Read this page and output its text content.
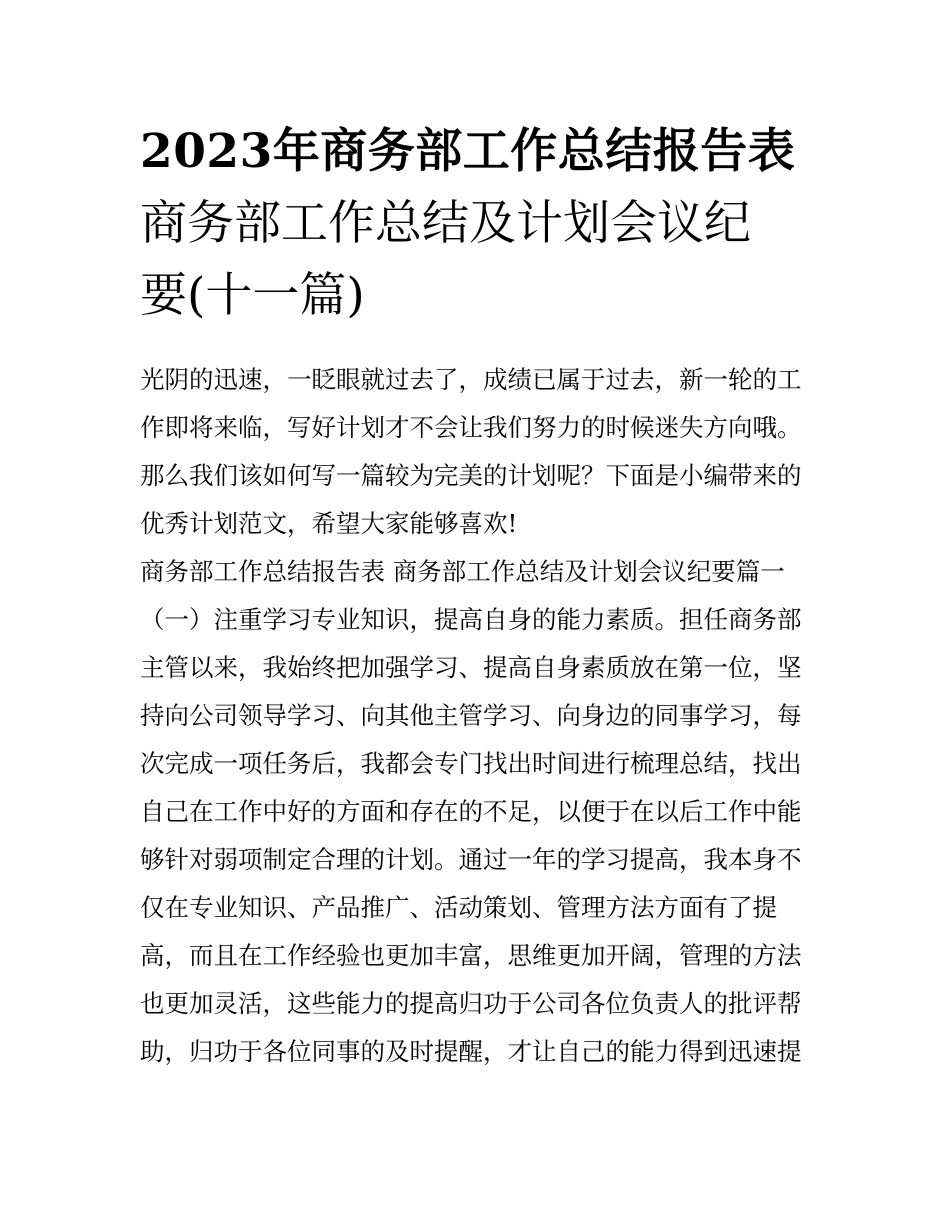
2023年商务部工作总结报告表
商务部工作总结及计划会议纪
要(十一篇)
光阴的迅速，一眨眼就过去了，成绩已属于过去，新一轮的工
作即将来临，写好计划才不会让我们努力的时候迷失方向哦。
那么我们该如何写一篇较为完美的计划呢？下面是小编带来的
优秀计划范文，希望大家能够喜欢!
商务部工作总结报告表 商务部工作总结及计划会议纪要篇一
（一）注重学习专业知识，提高自身的能力素质。担任商务部
主管以来，我始终把加强学习、提高自身素质放在第一位，坚
持向公司领导学习、向其他主管学习、向身边的同事学习，每
次完成一项任务后，我都会专门找出时间进行梳理总结，找出
自己在工作中好的方面和存在的不足，以便于在以后工作中能
够针对弱项制定合理的计划。通过一年的学习提高，我本身不
仅在专业知识、产品推广、活动策划、管理方法方面有了提
高，而且在工作经验也更加丰富，思维更加开阔，管理的方法
也更加灵活，这些能力的提高归功于公司各位负责人的批评帮
助，归功于各位同事的及时提醒，才让自己的能力得到迅速提
